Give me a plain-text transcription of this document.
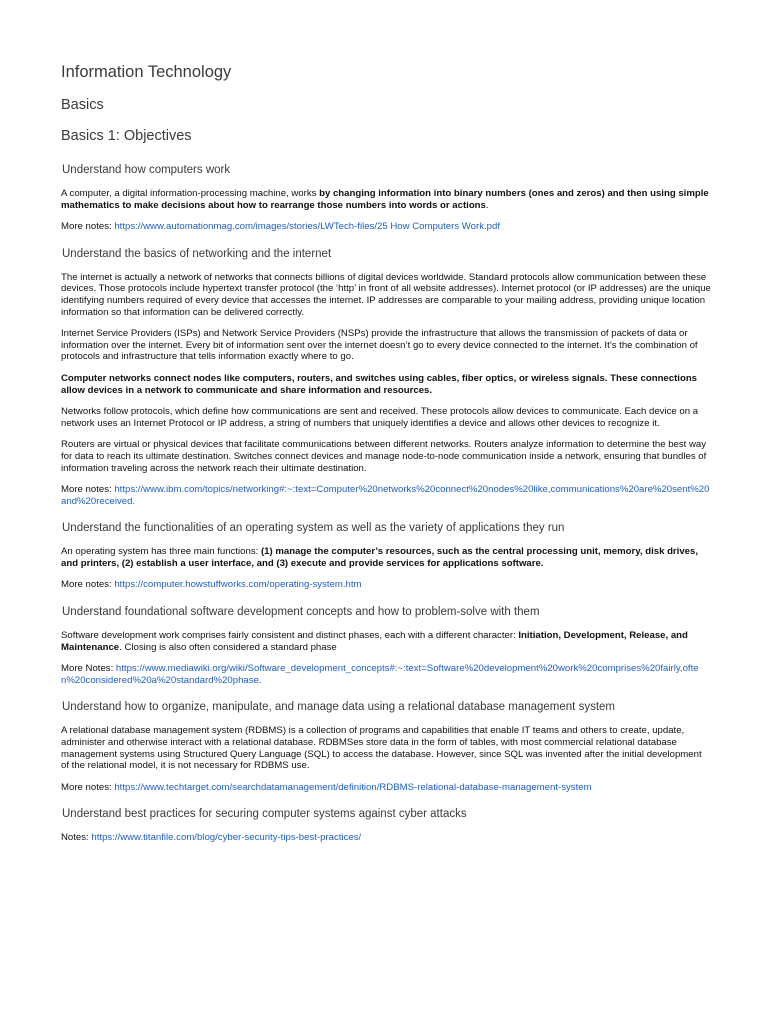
Information Technology
Basics
Basics 1: Objectives
Understand how computers work

A computer, a digital information-processing machine, works by changing information into binary numbers (ones and zeros) and then using simple mathematics to make decisions about how to rearrange those numbers into words or actions.

More notes: https://www.automationmag.com/images/stories/LWTech-files/25 How Computers Work.pdf

Understand the basics of networking and the internet

The internet is actually a network of networks that connects billions of digital devices worldwide. Standard protocols allow communication between these devices. Those protocols include hypertext transfer protocol (the ‘http’ in front of all website addresses). Internet protocol (or IP addresses) are the unique identifying numbers required of every device that accesses the internet. IP addresses are comparable to your mailing address, providing unique location information so that information can be delivered correctly.

Internet Service Providers (ISPs) and Network Service Providers (NSPs) provide the infrastructure that allows the transmission of packets of data or information over the internet. Every bit of information sent over the internet doesn’t go to every device connected to the internet. It’s the combination of protocols and infrastructure that tells information exactly where to go.

Computer networks connect nodes like computers, routers, and switches using cables, fiber optics, or wireless signals. These connections allow devices in a network to communicate and share information and resources.

Networks follow protocols, which define how communications are sent and received. These protocols allow devices to communicate. Each device on a network uses an Internet Protocol or IP address, a string of numbers that uniquely identifies a device and allows other devices to recognize it.

Routers are virtual or physical devices that facilitate communications between different networks. Routers analyze information to determine the best way for data to reach its ultimate destination. Switches connect devices and manage node-to-node communication inside a network, ensuring that bundles of information traveling across the network reach their ultimate destination.

More notes: https://www.ibm.com/topics/networking#:~:text=Computer%20networks%20connect%20nodes%20like,communications%20are%20sent%20and%20received.

Understand the functionalities of an operating system as well as the variety of applications they run

An operating system has three main functions: (1) manage the computer’s resources, such as the central processing unit, memory, disk drives, and printers, (2) establish a user interface, and (3) execute and provide services for applications software.

More notes: https://computer.howstuffworks.com/operating-system.htm

Understand foundational software development concepts and how to problem-solve with them

Software development work comprises fairly consistent and distinct phases, each with a different character: Initiation, Development, Release, and Maintenance. Closing is also often considered a standard phase

More Notes: https://www.mediawiki.org/wiki/Software_development_concepts#:~:text=Software%20development%20work%20comprises%20fairly,often%20considered%20a%20standard%20phase.

Understand how to organize, manipulate, and manage data using a relational database management system

A relational database management system (RDBMS) is a collection of programs and capabilities that enable IT teams and others to create, update, administer and otherwise interact with a relational database. RDBMSes store data in the form of tables, with most commercial relational database management systems using Structured Query Language (SQL) to access the database. However, since SQL was invented after the initial development of the relational model, it is not necessary for RDBMS use.

More notes: https://www.techtarget.com/searchdatamanagement/definition/RDBMS-relational-database-management-system

Understand best practices for securing computer systems against cyber attacks

Notes: https://www.titanfile.com/blog/cyber-security-tips-best-practices/
